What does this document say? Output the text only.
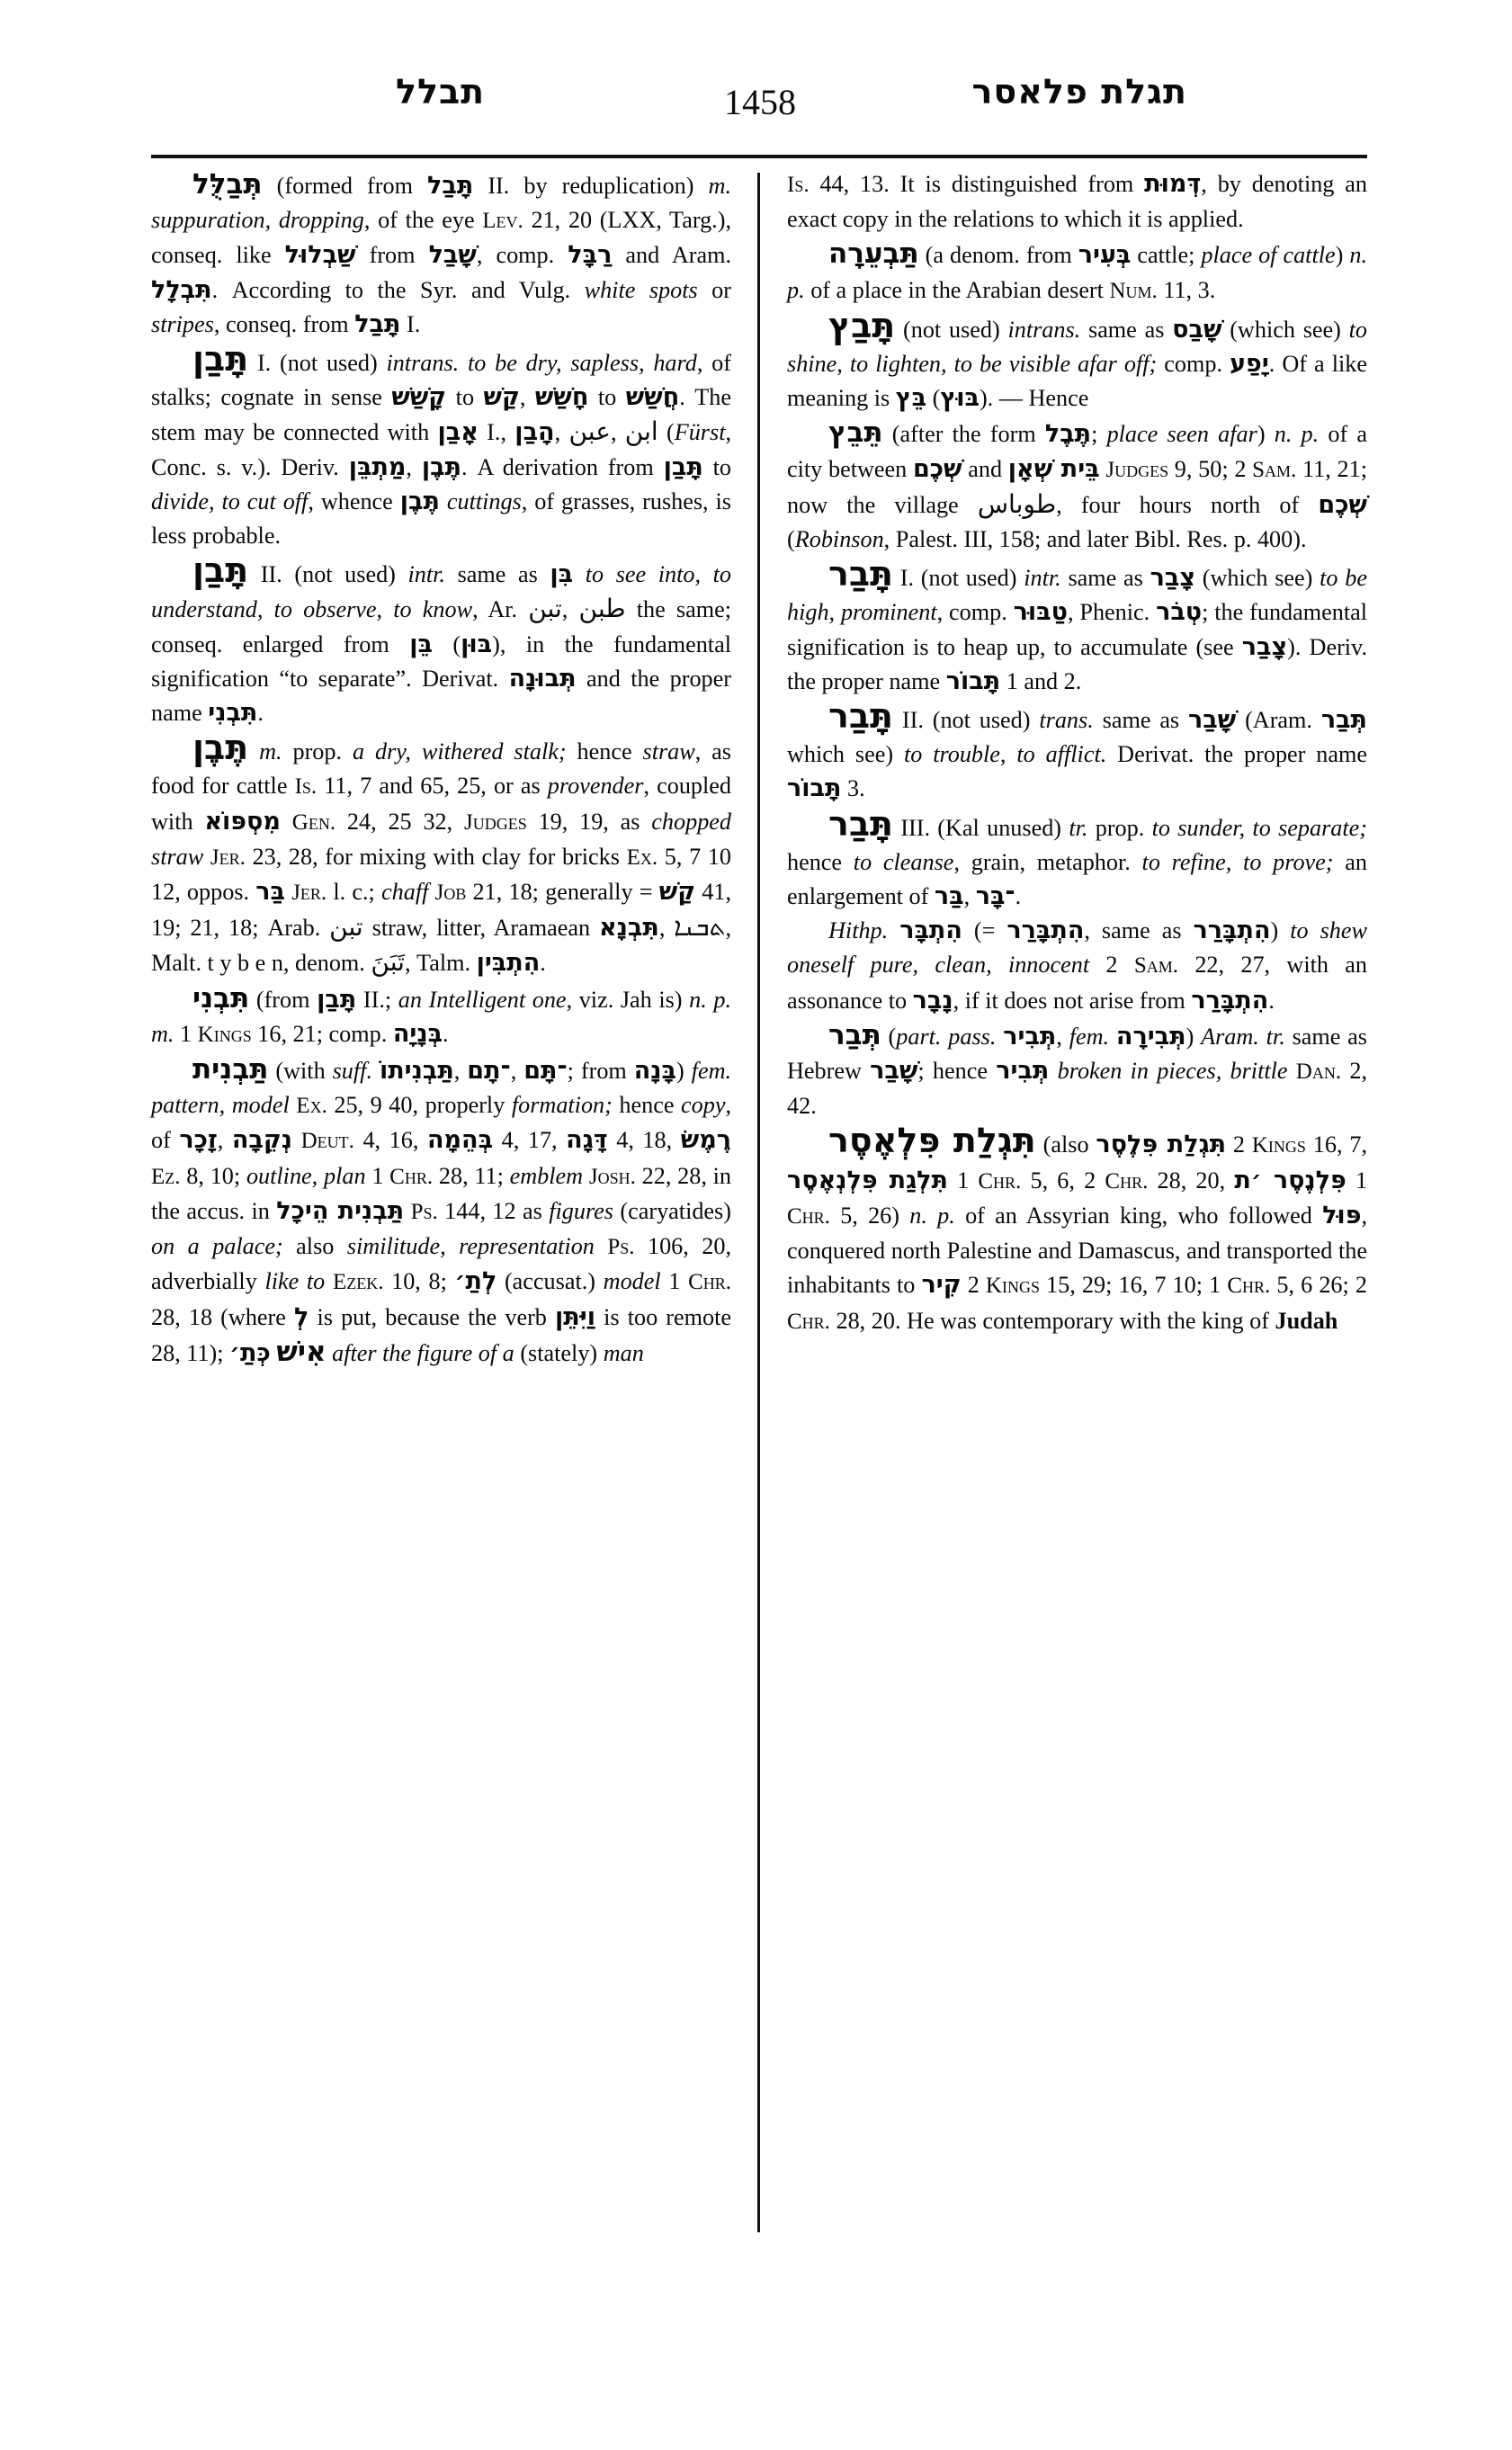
תבלל	1458	תגלת פלאסר

תְּבַלֻּל (formed from תָּבַל II. by reduplication) m. suppuration, dropping, of the eye Lev. 21, 20 (LXX, Targ.), conseq. like שַׁבְלוּל from שָׁבַל, comp. רַבָּל and Aram. תִּבְלָל. According to the Syr. and Vulg. white spots or stripes, conseq. from תָּבַל I.

תָּבַן I. (not used) intrans. to be dry, sapless, hard, of stalks; cognate in sense קָשַׁשׁ to קַשׁ, חָשַׁשׁ to חֲשַׁשׁ. The stem may be connected with אָבַן I., הָבַן, عبن, ابن (Fürst, Conc. s. v.). Deriv. מַתְבֵּן, תֶּבֶן. A derivation from תָּבַן to divide, to cut off, whence תֶּבֶן cuttings, of grasses, rushes, is less probable.

תָּבַן II. (not used) intr. same as בִּן to see into, to understand, to observe, to know, Ar. تبن, طبن the same; conseq. enlarged from בֵּן (בּוּן), in the fundamental signification “to separate”. Derivat. תְּבוּנָה and the proper name תִּבְנִי.

תֶּבֶן m. prop. a dry, withered stalk; hence straw, as food for cattle Is. 11, 7 and 65, 25, or as provender, coupled with מִסְפּוֹא Gen. 24, 25 32, Judges 19, 19, as chopped straw Jer. 23, 28, for mixing with clay for bricks Ex. 5, 7 10 12, oppos. בַּר Jer. l. c.; chaff Job 21, 18; generally = קַשׁ 41, 19; 21, 18; Arab. تبن straw, litter, Aramaean תִּבְנָא, ܬܒܢܐ, Malt. t y b e n, denom. تَبَنَ, Talm. הִתְבִּין.

תִּבְנִי (from תָּבַן II.; an Intelligent one, viz. Jah is) n. p. m. 1 Kings 16, 21; comp. בְּנָיָה.

תַּבְנִית (with suff. תַּבְנִיתוֹ, ־תָם, ־תָּם; from בָּנָה) fem. pattern, model Ex. 25, 9 40, properly formation; hence copy, of זָכָר, נְקֵבָה Deut. 4, 16, בְּהֵמָה 4, 17, דָּגָה 4, 18, רֶמֶשׂ Ez. 8, 10; outline, plan 1 Chr. 28, 11; emblem Josh. 22, 28, in the accus. in תַּבְנִית הֵיכָל Ps. 144, 12 as figures (caryatides) on a palace; also similitude, representation Ps. 106, 20, adverbially like to Ezek. 10, 8; לְתַ׳ (accusat.) model 1 Chr. 28, 18 (where לְ is put, because the verb וַיִּתֵּן is too remote 28, 11); כְּתַ׳ אִישׁ after the figure of a (stately) man

Is. 44, 13. It is distinguished from דְּמוּת, by denoting an exact copy in the relations to which it is applied.

תַּבְעֵרָה (a denom. from בְּעִיר cattle; place of cattle) n. p. of a place in the Arabian desert Num. 11, 3.

תָּבַץ (not used) intrans. same as שָׁבַס (which see) to shine, to lighten, to be visible afar off; comp. יָפַע. Of a like meaning is בֵּץ (בּוּץ). — Hence

תֵּבֵץ (after the form תֶּבֶל; place seen afar) n. p. of a city between שְׁכֶם and בֵּית שְׁאָן Judges 9, 50; 2 Sam. 11, 21; now the village طوباس, four hours north of שְׁכֶם (Robinson, Palest. III, 158; and later Bibl. Res. p. 400).

תָּבַר I. (not used) intr. same as צָבַר (which see) to be high, prominent, comp. טַבּוּר, Phenic. טְבֹר; the fundamental signification is to heap up, to accumulate (see צָבַר). Deriv. the proper name תָּבוֹר 1 and 2.

תָּבַר II. (not used) trans. same as שָׁבַר (Aram. תְּבַר which see) to trouble, to afflict. Derivat. the proper name תָּבוֹר 3.

תָּבַר III. (Kal unused) tr. prop. to sunder, to separate; hence to cleanse, grain, metaphor. to refine, to prove; an enlargement of בַּר, ־בָּר.

Hithp. הִתְבָּר (= הִתְבָּרַר, same as הִתְבָּרַר) to shew oneself pure, clean, innocent 2 Sam. 22, 27, with an assonance to נָבָר, if it does not arise from הִתְבָּרַר.

תְּבַר (part. pass. תְּבִיר, fem. תְּבִירָה) Aram. tr. same as Hebrew שָׁבַר; hence תְּבִיר broken in pieces, brittle Dan. 2, 42.

תִּגְלַת פִּלְאֶסֶר (also תִּגְלַת פִּלֶסֶר 2 Kings 16, 7, תִּלְגַת פִּלְנְאֶסֶר 1 Chr. 5, 6, 2 Chr. 28, 20, פִּלְנֶסֶר ׳ת 1 Chr. 5, 26) n. p. of an Assyrian king, who followed פּוּל, conquered north Palestine and Damascus, and transported the inhabitants to קִיר 2 Kings 15, 29; 16, 7 10; 1 Chr. 5, 6 26; 2 Chr. 28, 20. He was contemporary with the king of Judah
